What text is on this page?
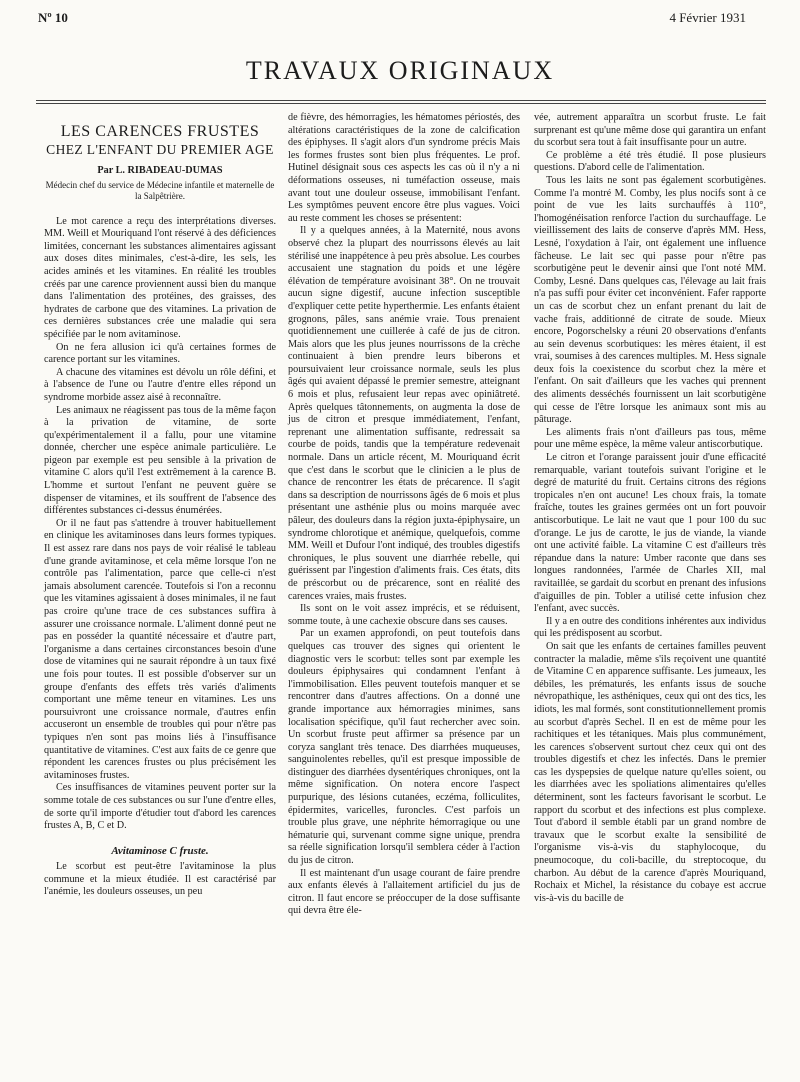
Nº 10	4 Février 1931
TRAVAUX ORIGINAUX
LES CARENCES FRUSTES
CHEZ L'ENFANT DU PREMIER AGE
Par L. RIBADEAU-DUMAS
Médecin chef du service de Médecine infantile et maternelle de la Salpêtrière.

Le mot carence a reçu des interprétations diverses. MM. Weill et Mouriquand l'ont réservé à des déficiences limitées, concernant les substances alimentaires agissant aux doses dites minimales, c'est-à-dire, les sels, les acides aminés et les vitamines. En réalité les troubles créés par une carence proviennent aussi bien du manque dans l'alimentation des protéines, des graisses, des hydrates de carbone que des vitamines. La privation de ces dernières substances crée une maladie qui sera spécifiée par le nom avitaminose.

On ne fera allusion ici qu'à certaines formes de carence portant sur les vitamines.

A chacune des vitamines est dévolu un rôle défini, et à l'absence de l'une ou l'autre d'entre elles répond un syndrome morbide assez aisé à reconnaître.

Les animaux ne réagissent pas tous de la même façon à la privation de vitamine, de sorte qu'expérimentalement il a fallu, pour une vitamine donnée, chercher une espèce animale particulière. Le pigeon par exemple est peu sensible à la privation de vitamine C alors qu'il l'est extrêmement à la carence B. L'homme et surtout l'enfant ne peuvent guère se dispenser de vitamines, et ils souffrent de l'absence des différentes substances ci-dessus énumérées.

Or il ne faut pas s'attendre à trouver habituellement en clinique les avitaminoses dans leurs formes typiques. Il est assez rare dans nos pays de voir réalisé le tableau d'une grande avitaminose, et cela même lorsque l'on ne contrôle pas l'alimentation, parce que celle-ci n'est jamais absolument carencée. Toutefois si l'on a reconnu que les vitamines agissaient à doses minimales, il ne faut pas croire qu'une trace de ces substances suffira à assurer une croissance normale. L'aliment donné peut ne pas en posséder la quantité nécessaire et d'autre part, l'organisme a dans certaines circonstances besoin d'une dose de vitamines qui ne saurait répondre à un taux fixé une fois pour toutes. Il est possible d'observer sur un groupe d'enfants des effets très variés d'aliments comportant une même teneur en vitamines. Les uns poursuivront une croissance normale, d'autres enfin accuseront un ensemble de troubles qui pour n'être pas typiques n'en sont pas moins liés à l'insuffisance quantitative de vitamines. C'est aux faits de ce genre que répondent les carences frustes ou plus précisément les avitaminoses frustes.

Ces insuffisances de vitamines peuvent porter sur la somme totale de ces substances ou sur l'une d'entre elles, de sorte qu'il importe d'étudier tout d'abord les carences frustes A, B, C et D.

Avitaminose C fruste.

Le scorbut est peut-être l'avitaminose la plus commune et la mieux étudiée. Il est caractérisé par l'anémie, les douleurs osseuses, un peu

de fièvre, des hémorragies, les hématomes périostés, des altérations caractéristiques de la zone de calcification des épiphyses. Il s'agit alors d'un syndrome précis Mais les formes frustes sont bien plus fréquentes. Le prof. Hutinel désignait sous ces aspects les cas où il n'y a ni déformations osseuses, ni tuméfaction osseuse, mais avant tout une douleur osseuse, immobilisant l'enfant. Les symptômes peuvent encore être plus vagues. Voici au reste comment les choses se présentent:

Il y a quelques années, à la Maternité, nous avons observé chez la plupart des nourrissons élevés au lait stérilisé une inappétence à peu près absolue. Les courbes accusaient une stagnation du poids et une légère élévation de température avoisinant 38°. On ne trouvait aucun signe digestif, aucune infection susceptible d'expliquer cette petite hyperthermie. Les enfants étaient grognons, pâles, sans anémie vraie. Tous prenaient quotidiennement une cuillerée à café de jus de citron. Mais alors que les plus jeunes nourrissons de la crèche continuaient à bien prendre leurs biberons et poursuivaient leur croissance normale, seuls les plus âgés qui avaient dépassé le premier semestre, atteignant 6 mois et plus, refusaient leur repas avec opiniâtreté. Après quelques tâtonnements, on augmenta la dose de jus de citron et presque immédiatement, l'enfant, reprenant une alimentation suffisante, redressait sa courbe de poids, tandis que la température redevenait normale. Dans un article récent, M. Mouriquand écrit que c'est dans le scorbut que le clinicien a le plus de chance de rencontrer les états de précarence. Il s'agit dans sa description de nourrissons âgés de 6 mois et plus présentant une asthénie plus ou moins marquée avec pâleur, des douleurs dans la région juxta-épiphysaire, un syndrome chlorotique et anémique, quelquefois, comme MM. Weill et Dufour l'ont indiqué, des troubles digestifs chroniques, le plus souvent une diarrhée rebelle, qui guérissent par l'ingestion d'aliments frais. Ces états, dits de préscorbut ou de précarence, sont en réalité des carences vraies, mais frustes.

Ils sont on le voit assez imprécis, et se réduisent, somme toute, à une cachexie obscure dans ses causes.

Par un examen approfondi, on peut toutefois dans quelques cas trouver des signes qui orientent le diagnostic vers le scorbut: telles sont par exemple les douleurs épiphysaires qui condamnent l'enfant à l'immobilisation. Elles peuvent toutefois manquer et se rencontrer dans d'autres affections. On a donné une grande importance aux hémorragies minimes, sans localisation spécifique, qu'il faut rechercher avec soin. Un scorbut fruste peut affirmer sa présence par un coryza sanglant très tenace. Des diarrhées muqueuses, sanguinolentes rebelles, qu'il est presque impossible de distinguer des diarrhées dysentériques chroniques, ont la même signification. On notera encore l'aspect purpurique, des lésions cutanées, eczéma, folliculites, épidermites, varicelles, furoncles. C'est parfois un trouble plus grave, une néphrite hémorragique ou une hématurie qui, survenant comme signe unique, prendra sa réelle signification lorsqu'il semblera céder à l'action du jus de citron.

Il est maintenant d'un usage courant de faire prendre aux enfants élevés à l'allaitement artificiel du jus de citron. Il faut encore se préoccuper de la dose suffisante qui devra être éle-

vée, autrement apparaîtra un scorbut fruste. Le fait surprenant est qu'une même dose qui garantira un enfant du scorbut sera tout à fait insuffisante pour un autre.

Ce problème a été très étudié. Il pose plusieurs questions. D'abord celle de l'alimentation.

Tous les laits ne sont pas également scorbutigènes. Comme l'a montré M. Comby, les plus nocifs sont à ce point de vue les laits surchauffés à 110°, l'homogénéisation renforce l'action du surchauffage. Le vieillissement des laits de conserve d'après MM. Hess, Lesné, l'oxydation à l'air, ont également une influence fâcheuse. Le lait sec qui passe pour n'être pas scorbutigène peut le devenir ainsi que l'ont noté MM. Comby, Lesné. Dans quelques cas, l'élevage au lait frais n'a pas suffi pour éviter cet inconvénient. Fafer rapporte un cas de scorbut chez un enfant prenant du lait de vache frais, additionné de citrate de soude. Mieux encore, Pogorschelsky a réuni 20 observations d'enfants au sein devenus scorbutiques: les mères étaient, il est vrai, soumises à des carences multiples. M. Hess signale deux fois la coexistence du scorbut chez la mère et l'enfant. On sait d'ailleurs que les vaches qui prennent des aliments desséchés fournissent un lait scorbutigène qui cesse de l'être lorsque les animaux sont mis au pâturage.

Les aliments frais n'ont d'ailleurs pas tous, même pour une même espèce, la même valeur antiscorbutique.

Le citron et l'orange paraissent jouir d'une efficacité remarquable, variant toutefois suivant l'origine et le degré de maturité du fruit. Certains citrons des régions tropicales n'en ont aucune! Les choux frais, la tomate fraîche, toutes les graines germées ont un fort pouvoir antiscorbutique. Le lait ne vaut que 1 pour 100 du suc d'orange. Le jus de carotte, le jus de viande, la viande ont une activité faible. La vitamine C est d'ailleurs très répandue dans la nature: Umber raconte que dans ses longues randonnées, l'armée de Charles XII, mal ravitaillée, se gardait du scorbut en prenant des infusions d'aiguilles de pin. Tobler a utilisé cette infusion chez l'enfant, avec succès.

Il y a en outre des conditions inhérentes aux individus qui les prédisposent au scorbut.

On sait que les enfants de certaines familles peuvent contracter la maladie, même s'ils reçoivent une quantité de Vitamine C en apparence suffisante. Les jumeaux, les débiles, les prématurés, les enfants issus de souche névropathique, les asthéniques, ceux qui ont des tics, les idiots, les mal formés, sont constitutionnellement promis au scorbut d'après Sechel. Il en est de même pour les rachitiques et les tétaniques. Mais plus communément, les carences s'observent surtout chez ceux qui ont des troubles digestifs et chez les infectés. Dans le premier cas les dyspepsies de quelque nature qu'elles soient, ou les diarrhées avec les spoliations alimentaires qu'elles déterminent, sont les facteurs favorisant le scorbut. Le rapport du scorbut et des infections est plus complexe. Tout d'abord il semble établi par un grand nombre de travaux que le scorbut exalte la sensibilité de l'organisme vis-à-vis du staphylocoque, du pneumocoque, du coli-bacille, du streptocoque, du charbon. Au début de la carence d'après Mouriquand, Rochaix et Michel, la résistance du cobaye est accrue vis-à-vis du bacille de
